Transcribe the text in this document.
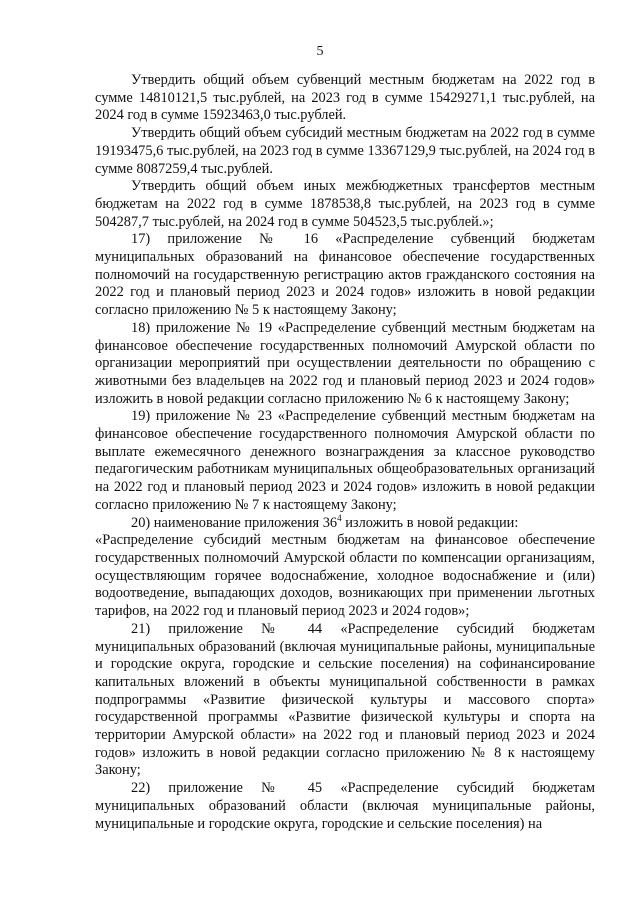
5

Утвердить общий объем субвенций местным бюджетам на 2022 год в сумме 14810121,5 тыс.рублей, на 2023 год в сумме 15429271,1 тыс.рублей, на 2024 год в сумме 15923463,0 тыс.рублей.

Утвердить общий объем субсидий местным бюджетам на 2022 год в сумме 19193475,6 тыс.рублей, на 2023 год в сумме 13367129,9 тыс.рублей, на 2024 год в сумме 8087259,4 тыс.рублей.

Утвердить общий объем иных межбюджетных трансфертов местным бюджетам на 2022 год в сумме 1878538,8 тыс.рублей, на 2023 год в сумме 504287,7 тыс.рублей, на 2024 год в сумме 504523,5 тыс.рублей.»;

17) приложение № 16 «Распределение субвенций бюджетам муниципальных образований на финансовое обеспечение государственных полномочий на государственную регистрацию актов гражданского состояния на 2022 год и плановый период 2023 и 2024 годов» изложить в новой редакции согласно приложению № 5 к настоящему Закону;

18) приложение № 19 «Распределение субвенций местным бюджетам на финансовое обеспечение государственных полномочий Амурской области по организации мероприятий при осуществлении деятельности по обращению с животными без владельцев на 2022 год и плановый период 2023 и 2024 годов» изложить в новой редакции согласно приложению № 6 к настоящему Закону;

19) приложение № 23 «Распределение субвенций местным бюджетам на финансовое обеспечение государственного полномочия Амурской области по выплате ежемесячного денежного вознаграждения за классное руководство педагогическим работникам муниципальных общеобразовательных организаций на 2022 год и плановый период 2023 и 2024 годов» изложить в новой редакции согласно приложению № 7 к настоящему Закону;

20) наименование приложения $36^4$ изложить в новой редакции:

«Распределение субсидий местным бюджетам на финансовое обеспечение государственных полномочий Амурской области по компенсации организациям, осуществляющим горячее водоснабжение, холодное водоснабжение и (или) водоотведение, выпадающих доходов, возникающих при применении льготных тарифов, на 2022 год и плановый период 2023 и 2024 годов»;

21) приложение № 44 «Распределение субсидий бюджетам муниципальных образований (включая муниципальные районы, муниципальные и городские округа, городские и сельские поселения) на софинансирование капитальных вложений в объекты муниципальной собственности в рамках подпрограммы «Развитие физической культуры и массового спорта» государственной программы «Развитие физической культуры и спорта на территории Амурской области» на 2022 год и плановый период 2023 и 2024 годов» изложить в новой редакции согласно приложению № 8 к настоящему Закону;

22) приложение № 45 «Распределение субсидий бюджетам муниципальных образований области (включая муниципальные районы, муниципальные и городские округа, городские и сельские поселения) на
